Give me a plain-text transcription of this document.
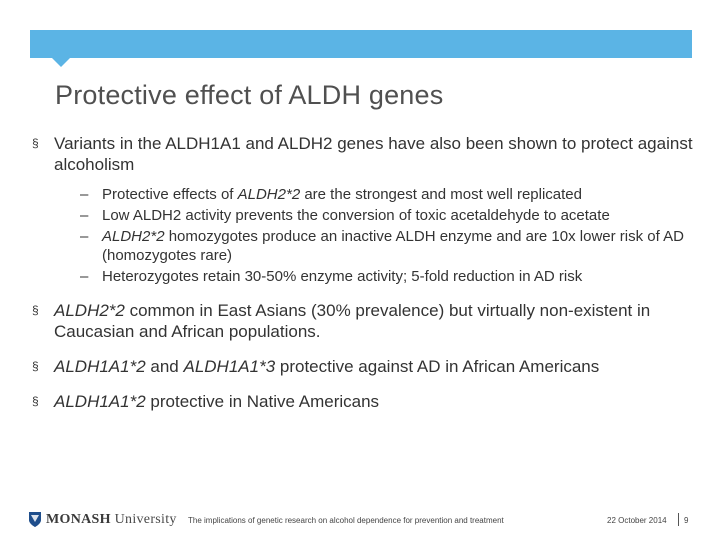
Protective effect of ALDH genes
§ Variants in the ALDH1A1 and ALDH2 genes have also been shown to protect against alcoholism
– Protective effects of ALDH2*2 are the strongest and most well replicated
– Low ALDH2 activity prevents the conversion of toxic acetaldehyde to acetate
– ALDH2*2 homozygotes produce an inactive ALDH enzyme and are 10x lower risk of AD (homozygotes rare)
– Heterozygotes retain 30-50% enzyme activity; 5-fold reduction in AD risk
§ ALDH2*2 common in East Asians (30% prevalence) but virtually non-existent in Caucasian and African populations.
§ ALDH1A1*2 and ALDH1A1*3 protective against AD in African Americans
§ ALDH1A1*2 protective in Native Americans
MONASH University The implications of genetic research on alcohol dependence for prevention and treatment	22 October 2014 9
